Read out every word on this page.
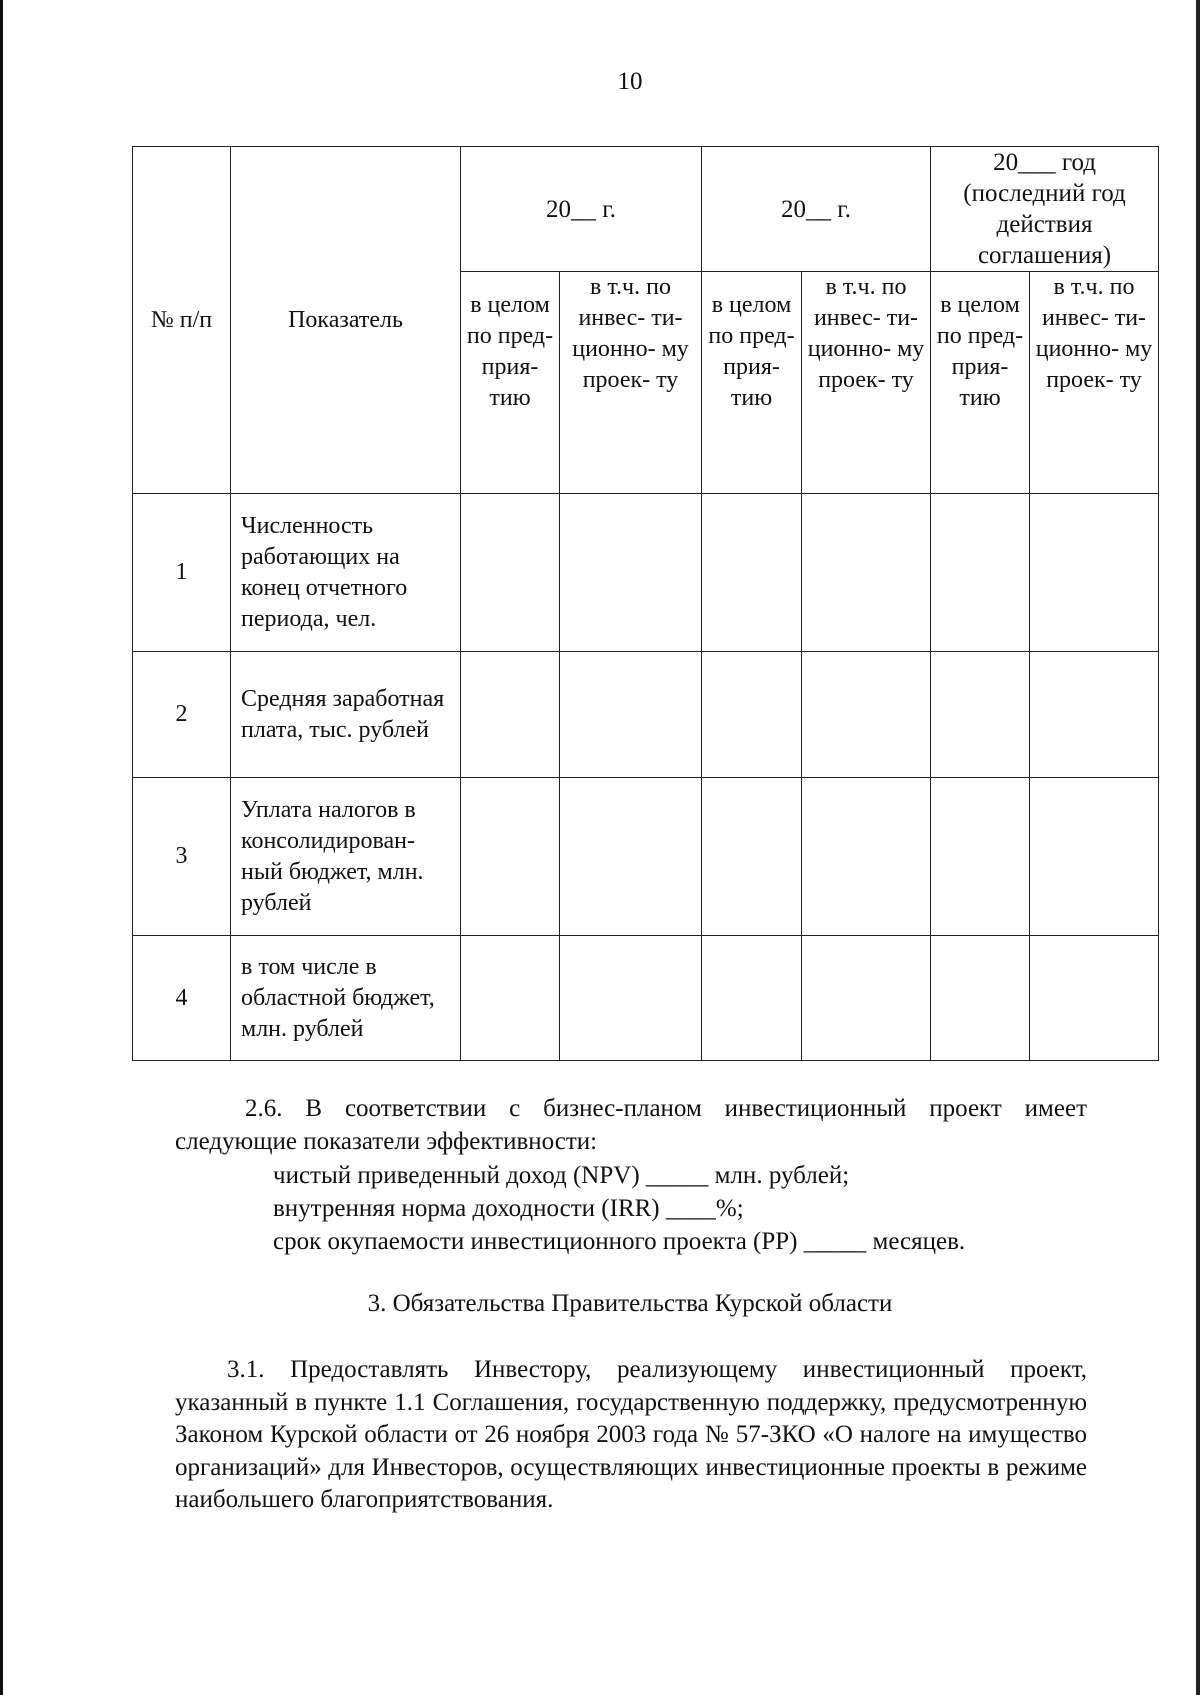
10
№ п/п	Показатель	20__ г.		20__ г.		20___ год (последний год действия соглашения)	
		в целом по пред- прия- тию	в т.ч. по инвес- ти- ционно- му проек- ту	в целом по пред- прия- тию	в т.ч. по инвес- ти- ционно- му проек- ту	в целом по пред- прия- тию	в т.ч. по инвес- ти- ционно- му проек- ту
1	Численность работающих на конец отчетного периода, чел.						
2	Средняя заработная плата, тыс. рублей						
3	Уплата налогов в консолидирован- ный бюджет, млн. рублей						
4	в том числе в областной бюджет, млн. рублей						
2.6. В соответствии с бизнес-планом инвестиционный проект имеет следующие показатели эффективности:
чистый приведенный доход (NPV) _____ млн. рублей;
внутренняя норма доходности (IRR) ____%;
срок окупаемости инвестиционного проекта (PP) _____ месяцев.
3. Обязательства Правительства Курской области
3.1. Предоставлять Инвестору, реализующему инвестиционный проект, указанный в пункте 1.1 Соглашения, государственную поддержку, предусмотренную Законом Курской области от 26 ноября 2003 года № 57-ЗКО «О налоге на имущество организаций» для Инвесторов, осуществляющих инвестиционные проекты в режиме наибольшего благоприятствования.
